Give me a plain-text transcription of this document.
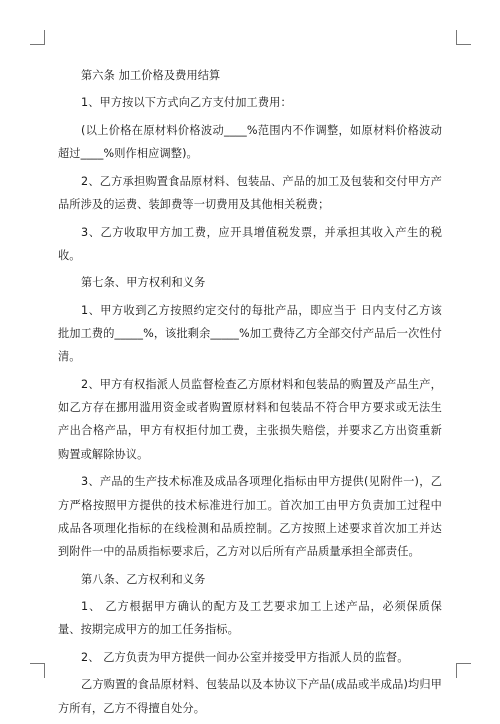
第六条 加工价格及费用结算

1、甲方按以下方式向乙方支付加工费用：

(以上价格在原材料价格波动____%范围内不作调整，如原材料价格波动超过____%则作相应调整)。

2、乙方承担购置食品原材料、包装品、产品的加工及包装和交付甲方产品所涉及的运费、装卸费等一切费用及其他相关税费；

3、乙方收取甲方加工费，应开具增值税发票，并承担其收入产生的税收。

第七条、甲方权利和义务

1、甲方收到乙方按照约定交付的每批产品，即应当于 日内支付乙方该批加工费的_____%，该批剩余_____%加工费待乙方全部交付产品后一次性付清。

2、甲方有权指派人员监督检查乙方原材料和包装品的购置及产品生产，如乙方存在挪用滥用资金或者购置原材料和包装品不符合甲方要求或无法生产出合格产品，甲方有权拒付加工费，主张损失赔偿，并要求乙方出资重新购置或解除协议。

3、产品的生产技术标准及成品各项理化指标由甲方提供(见附件一)，乙方严格按照甲方提供的技术标准进行加工。首次加工由甲方负责加工过程中成品各项理化指标的在线检测和品质控制。乙方按照上述要求首次加工并达到附件一中的品质指标要求后，乙方对以后所有产品质量承担全部责任。

第八条、乙方权利和义务

1、 乙方根据甲方确认的配方及工艺要求加工上述产品，必须保质保量、按期完成甲方的加工任务指标。

2、 乙方负责为甲方提供一间办公室并接受甲方指派人员的监督。

乙方购置的食品原材料、包装品以及本协议下产品(成品或半成品)均归甲方所有，乙方不得擅自处分。
